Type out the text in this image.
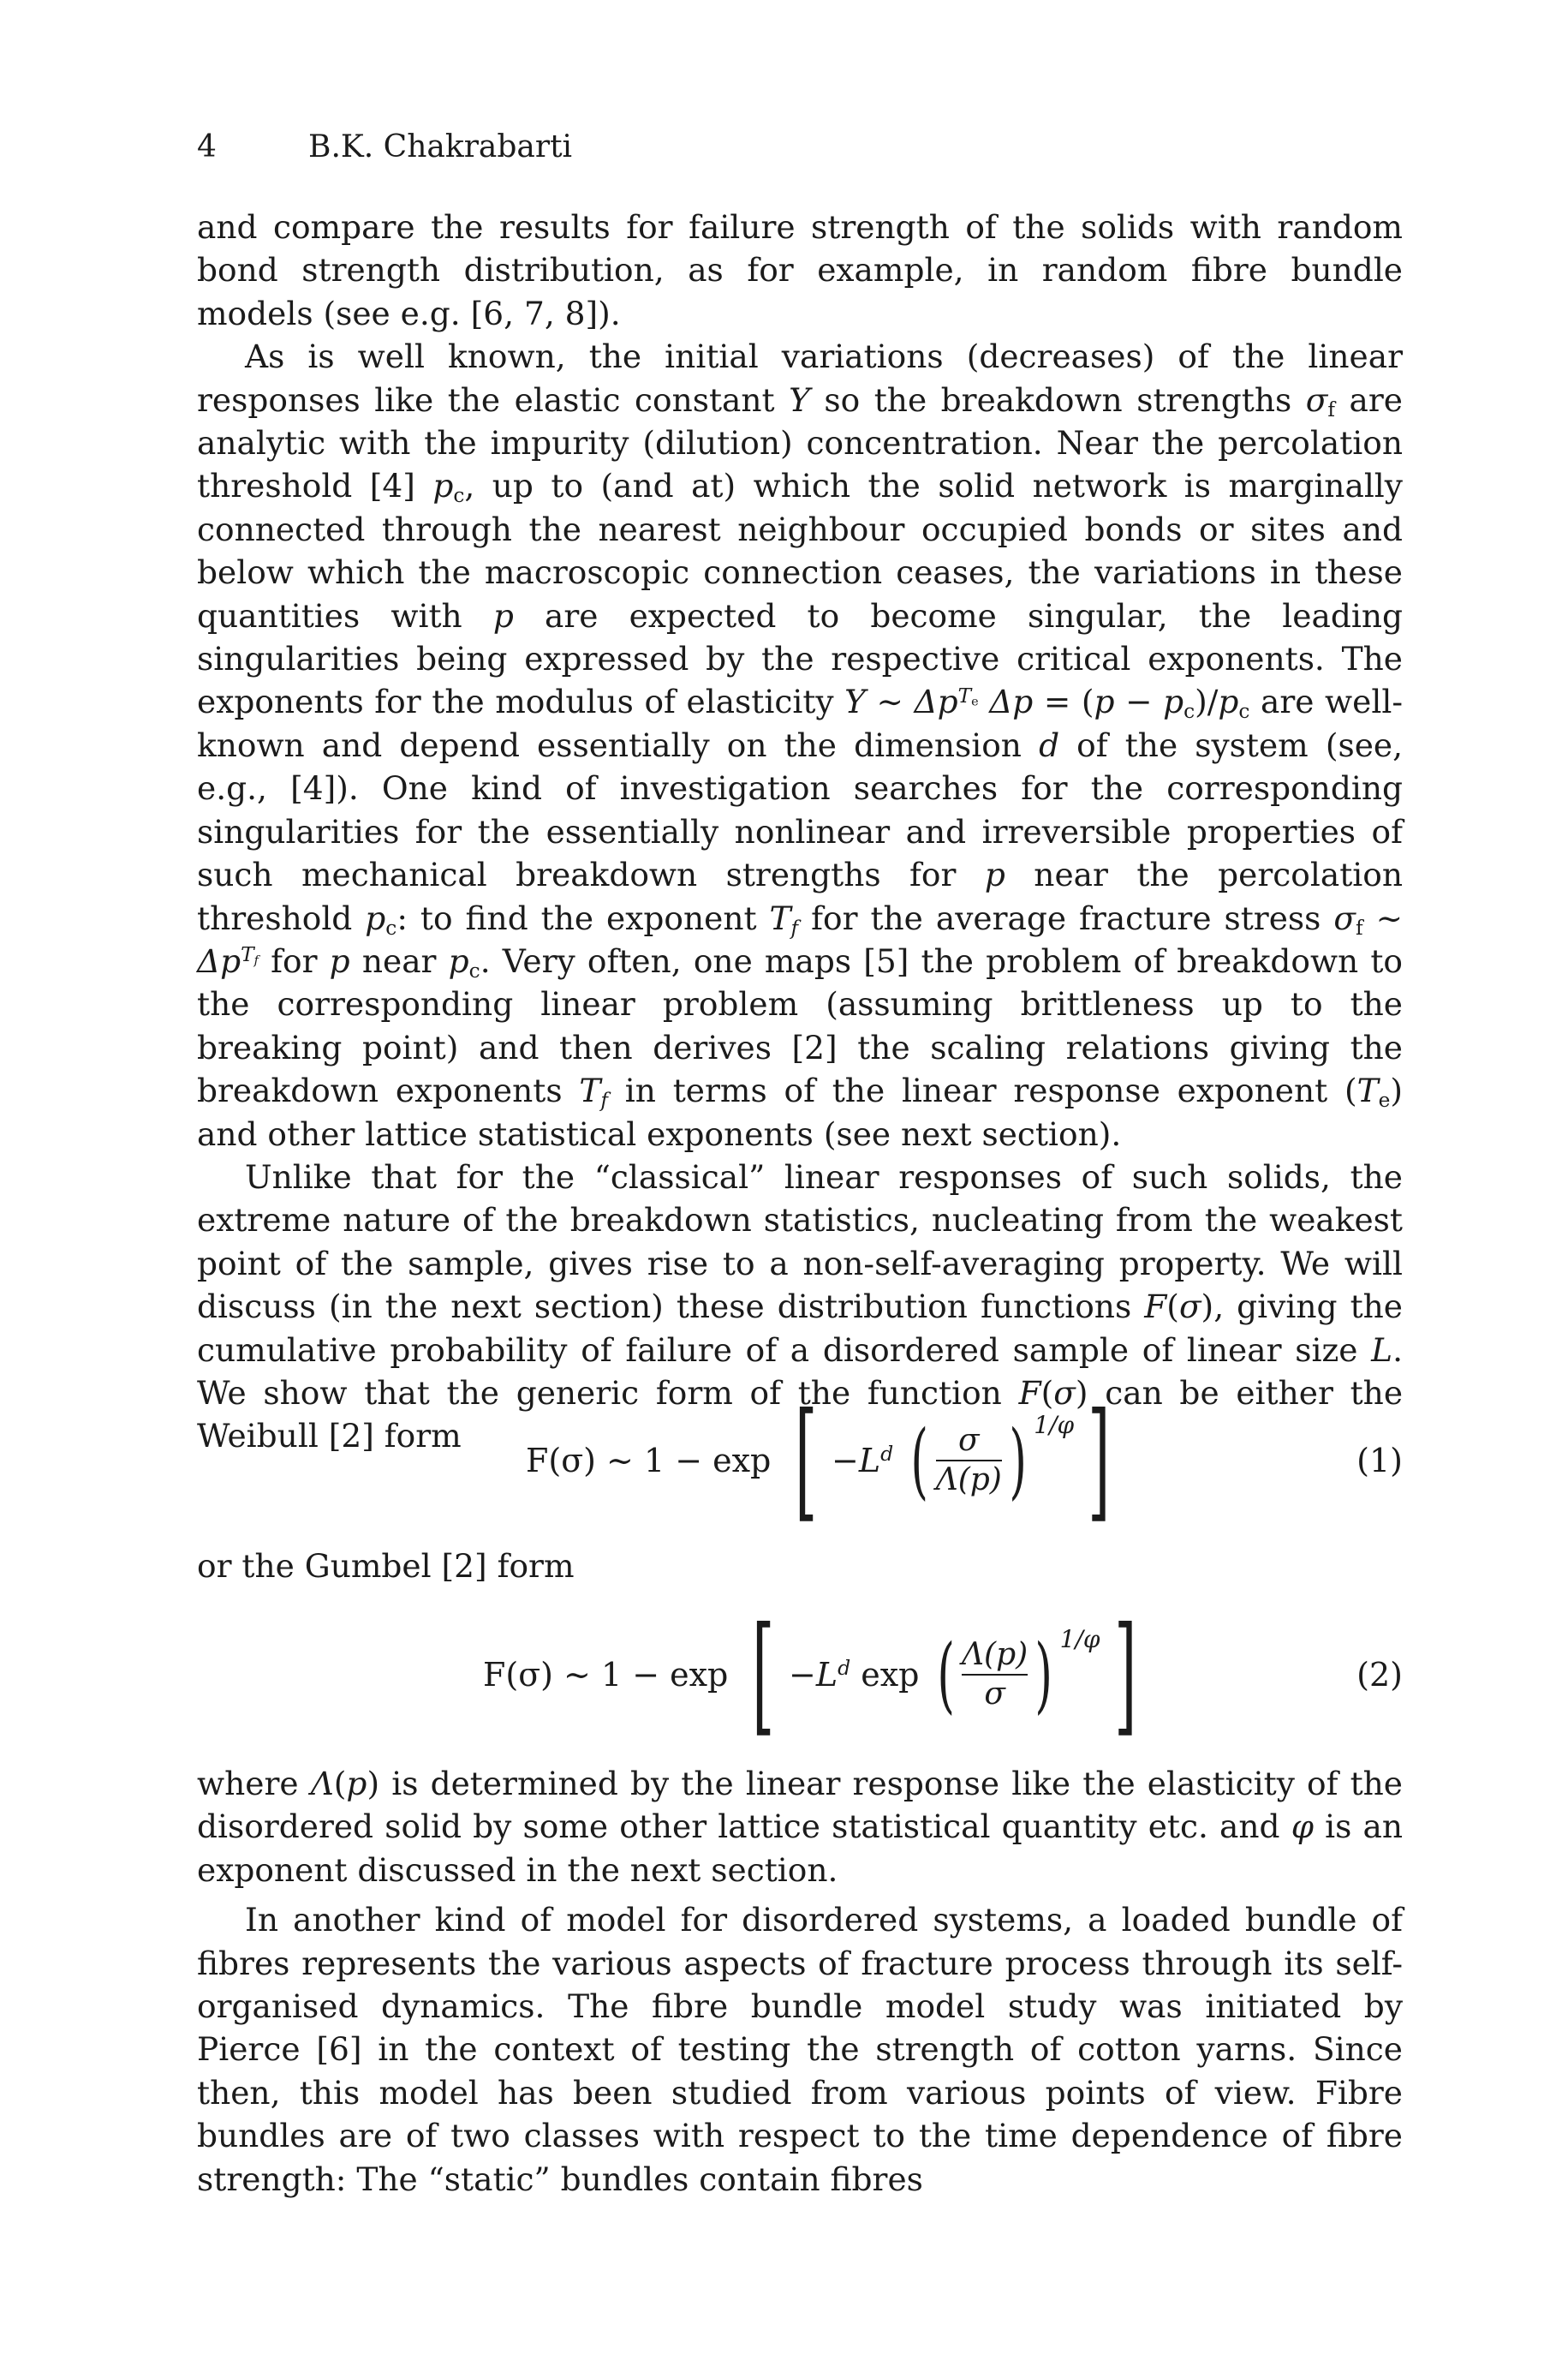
4	B.K. Chakrabarti

and compare the results for failure strength of the solids with random bond strength distribution, as for example, in random fibre bundle models (see e.g. [6, 7, 8]).

As is well known, the initial variations (decreases) of the linear responses like the elastic constant Y so the breakdown strengths $\sigma_f$ are analytic with the impurity (dilution) concentration. Near the percolation threshold [4] $p_c$, up to (and at) which the solid network is marginally connected through the nearest neighbour occupied bonds or sites and below which the macroscopic connection ceases, the variations in these quantities with p are expected to become singular, the leading singularities being expressed by the respective critical exponents. The exponents for the modulus of elasticity Y ∼ $\Delta p^{T_e}$ $\Delta p = (p - p_c)/p_c$ are well-known and depend essentially on the dimension d of the system (see, e.g., [4]). One kind of investigation searches for the corresponding singularities for the essentially nonlinear and irreversible properties of such mechanical breakdown strengths for p near the percolation threshold $p_c$: to find the exponent $T_f$ for the average fracture stress $\sigma_f$ ∼ $\Delta p^{T_f}$ for p near $p_c$. Very often, one maps [5] the problem of breakdown to the corresponding linear problem (assuming brittleness up to the breaking point) and then derives [2] the scaling relations giving the breakdown exponents $T_f$ in terms of the linear response exponent $(T_e)$ and other lattice statistical exponents (see next section).

Unlike that for the “classical” linear responses of such solids, the extreme nature of the breakdown statistics, nucleating from the weakest point of the sample, gives rise to a non-self-averaging property. We will discuss (in the next section) these distribution functions F(σ), giving the cumulative probability of failure of a disordered sample of linear size L. We show that the generic form of the function F(σ) can be either the Weibull [2] form

F(σ) ∼ 1 − exp [ $-L^d$ ( $\frac{\sigma}{\Lambda(p)}$ ) $^{1/\varphi}$ ]	(1)

or the Gumbel [2] form

F(σ) ∼ 1 − exp [ $-L^d$ exp ( $\frac{\Lambda(p)}{\sigma}$ ) $^{1/\varphi}$ ]	(2)

where Λ(p) is determined by the linear response like the elasticity of the disordered solid by some other lattice statistical quantity etc. and φ is an exponent discussed in the next section.

In another kind of model for disordered systems, a loaded bundle of fibres represents the various aspects of fracture process through its self-organised dynamics. The fibre bundle model study was initiated by Pierce [6] in the context of testing the strength of cotton yarns. Since then, this model has been studied from various points of view. Fibre bundles are of two classes with respect to the time dependence of fibre strength: The “static” bundles contain fibres
